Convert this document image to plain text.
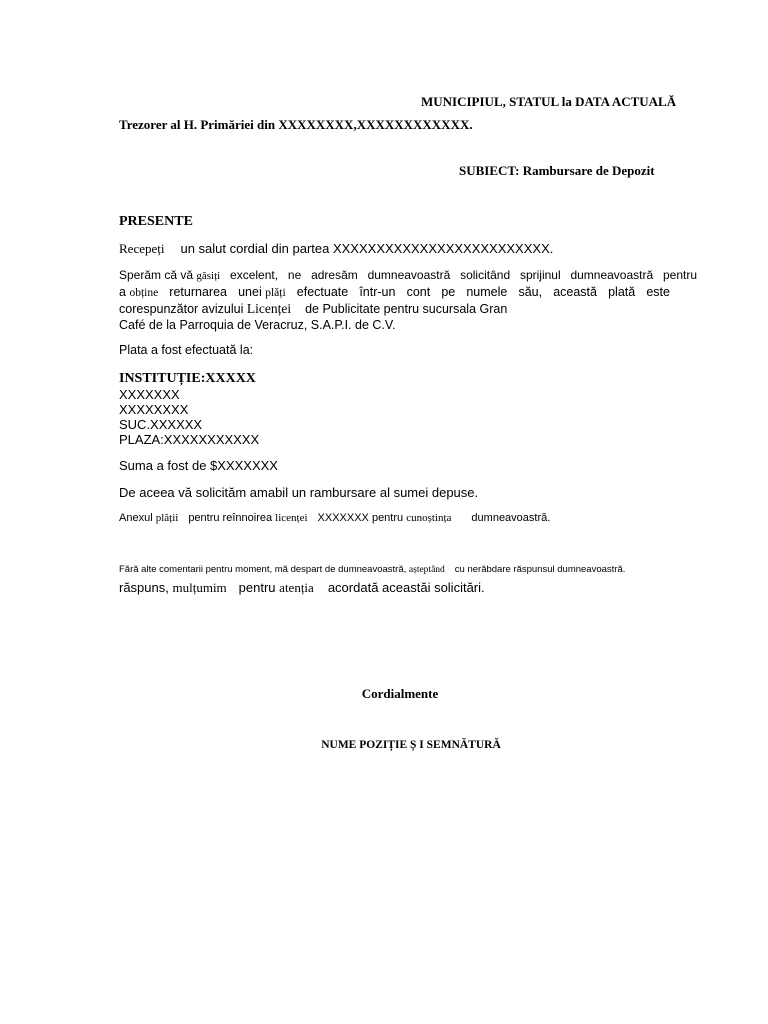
MUNICIPIUL, STATUL la DATA ACTUALĂ
Trezorer al H. Primăriei din XXXXXXXX,XXXXXXXXXXXX.
SUBIECT: Rambursare de Depozit
PRESENTE
Recepeți un salut cordial din partea XXXXXXXXXXXXXXXXXXXXXXXXX.
Sperăm că vă găsiți excelent, ne adresăm dumneavoastră solicitând sprijinul dumneavoastră pentru
a obține returnarea unei plăți efectuate într-un cont pe numele său, această plată este
corespunzător avizului Licenței de Publicitate pentru sucursala Gran
Café de la Parroquia de Veracruz, S.A.P.I. de C.V.
Plata a fost efectuată la:
INSTITUȚIE:XXXXX
XXXXXXX
XXXXXXXX
SUC.XXXXXX
PLAZA:XXXXXXXXXXX
Suma a fost de $XXXXXXX
De aceea vă solicităm amabil un rambursare al sumei depuse.
Anexul plății pentru reînnoirea licenței XXXXXXX pentru cunoștința dumneavoastră.
Fără alte comentarii pentru moment, mă despart de dumneavoastră, așteptând cu nerăbdare răspunsul dumneavoastră.
răspuns, mulțumim pentru atenția acordată aceastăi solicitări.
Cordialmente
NUME POZIȚIE Ș I SEMNĂTURĂ
